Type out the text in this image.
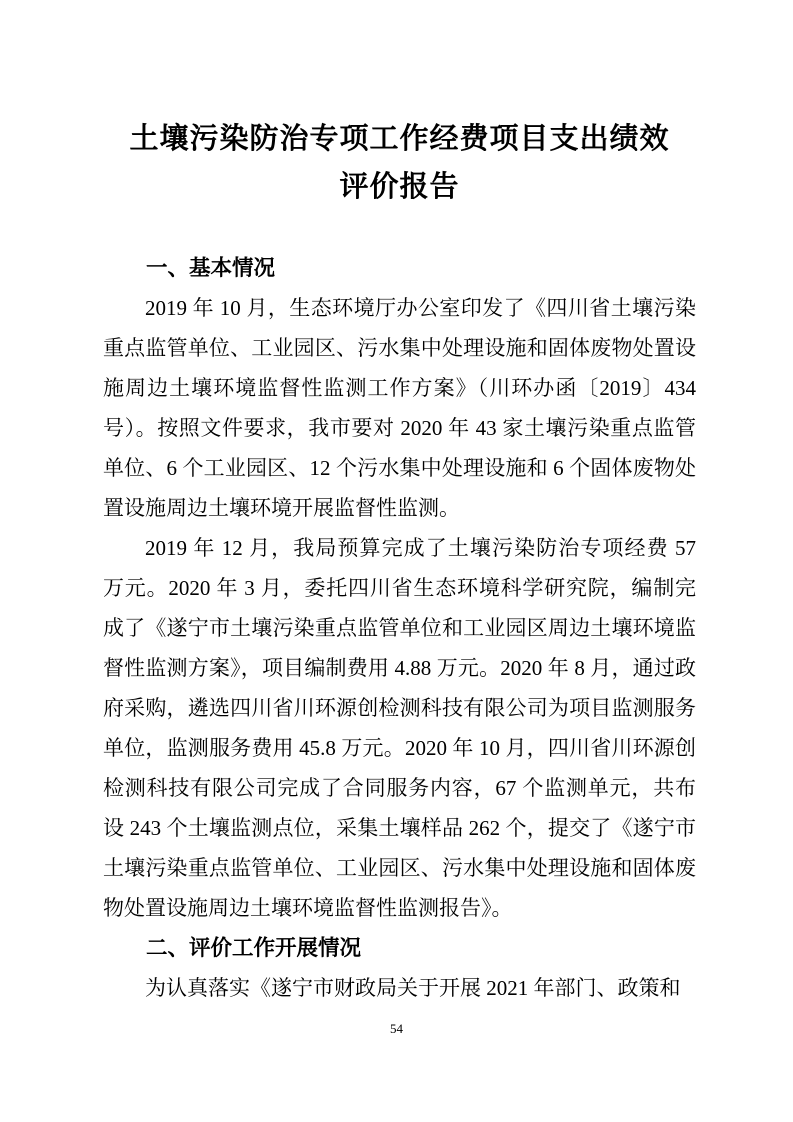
土壤污染防治专项工作经费项目支出绩效
评价报告
一、基本情况

2019 年 10 月，生态环境厅办公室印发了《四川省土壤污染重点监管单位、工业园区、污水集中处理设施和固体废物处置设施周边土壤环境监督性监测工作方案》（川环办函〔2019〕434 号）。按照文件要求，我市要对 2020 年 43 家土壤污染重点监管单位、6 个工业园区、12 个污水集中处理设施和 6 个固体废物处置设施周边土壤环境开展监督性监测。

2019 年 12 月，我局预算完成了土壤污染防治专项经费 57 万元。2020 年 3 月，委托四川省生态环境科学研究院，编制完成了《遂宁市土壤污染重点监管单位和工业园区周边土壤环境监督性监测方案》，项目编制费用 4.88 万元。2020 年 8 月，通过政府采购，遴选四川省川环源创检测科技有限公司为项目监测服务单位，监测服务费用 45.8 万元。2020 年 10 月，四川省川环源创检测科技有限公司完成了合同服务内容，67 个监测单元，共布设 243 个土壤监测点位，采集土壤样品 262 个，提交了《遂宁市土壤污染重点监管单位、工业园区、污水集中处理设施和固体废物处置设施周边土壤环境监督性监测报告》。

二、评价工作开展情况

为认真落实《遂宁市财政局关于开展 2021 年部门、政策和

54
